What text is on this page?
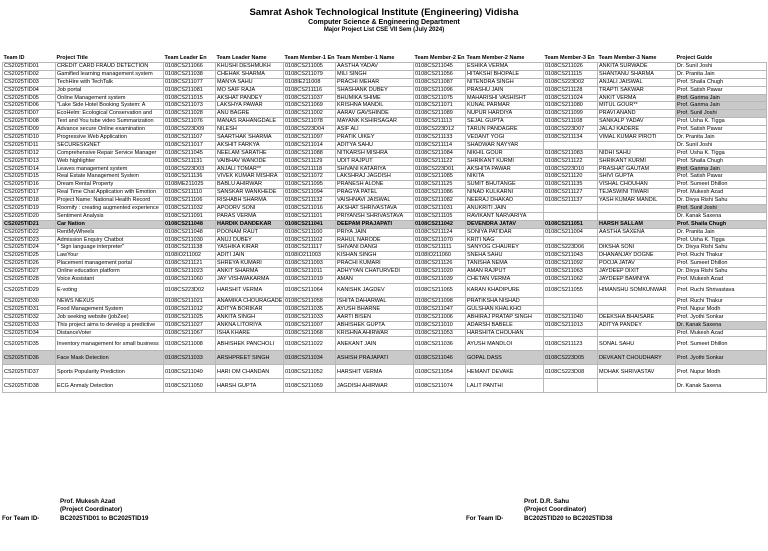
Samrat Ashok Technological Institute (Engineering) Vidisha
Computer Science & Engineering Department
Major Project List CSE VII Sem (July 2024)
Team ID	Project Title	Team Leader En	Team Leader Name	Team Member-1 En	Team Member-1 Name	Team Member-2 En	Team Member-2 Name	Team Member-3 En	Team Member-3 Name	Project Guide
CS2025TID01	CREDIT CARD FRAUD DETECTION	0108CS211066	KHUSHI DESHMUKH	0108CS211005	AASTHA YADAV	0108CS211045	ESHIKA VERMA	0108CS211026	ANKITA SURWADE	Dr. Sunil Joshi
CS2025TID02	Gamified learning management system	0108CS211038	CHEHAK SHARMA	0108CS211079	MILI SINGH	0108CS211056	HITAKSHI BHOPALE	0108CS211115	SHANTANU SHARMA	Dr. Pranita Jain
CS2025TID03	TechHire with TechTalk	0108CS211077	MANYA SAHU	0108IE211008	PRACHI MEHAR	0108CS211087	NITENDRA SINGH	0108CS223D02	ANJALI JAISWAL	Prof. Shaila Chugh
CS2025TID04	Job portal	0108CS211081	MO SAIF RAJA	0108CS211116	SHASHANK DUBEY	0108CS211096	PRASHU JAIN	0108CS211128	TRAPTI SAKWAR	Prof. Satish Pawar
CS2025TID05	Online Management system	0108CS211015	AKSHAT PANDEY	0108CS211037	BHUMIKA SHIME	0108CS211075	MAHARISHI VASHISHT	0108CS211024	ANKIT VERMA	Prof. Garima Jain
CS2025TID06	"Lake Side Hotel Booking System: A	0108CS211073	LAKSHYA PAWAR	0108CS211069	KRISHNA MANDIL	0108CS211071	KUNAL PARMAR	0108CS211080	MITUL GOUR**	Prof. Garima Jain
CS2025TID07	EcoHelm: Ecological Conservation and	0108CS211028	ANU BAGRE	0108CS211002	AARAV GAVSHINDE	0108CS211089	NUPUR HARDIYA	0108CS211099	PRAVI ANAND	Prof. Sunil Joshi
CS2025TID08	Text and You tube video Summarization	0108CS211076	MANAS RAHANGDALE	0108CS211078	MAYANK KSHIRSAGAR	0108CS211113	SEJAL GUPTA	0108CS211108	SANKALP YADAV	Prof. Usha K. Tigga
CS2025TID09	Advance secure Online examination	0108CS223D09	NILESH	0108CS223D04	ASIF ALI	0108CS223D12	TARUN PANDAGRE	0108CS223D07	JALAJ KADERE	Prof. Satish Pawar
CS2025TID10	Progressive Web Application	0108CS211107	SAARTHAK SHARMA	0108CS211097	PRATIK UIKEY	0108CS211133	VEDANT YOGI	0108CS211134	VIMAL KUMAR PIROTI	Dr. Pranita Jain
CS2025TID11	SECURESIGNET	0108CS211017	AKSHIT FARKYA	0108CS211014	ADITYA SAHU	0108CS211114	SHADWAR NAYYAR			Dr. Sunil Joshi
CS2025TID12	Comprehensive Repair Service Manager	0108CS211045	NEELAM SARATHE	0108CS211088	NITKARSH MISHRA	0108CS211084	NIKHIL GOUR	0108CS211083	NIDHI SAHU	Prof. Usha K. Tigga
CS2025TID13	Web highlighter	0108CS211131	VAIBHAV WANODE	0108CS211129	UDIT RAJPUT	0108CS211122	SHRIKANT KURMI	0108CS211122	SHRIKANT KURMI	Prof. Shaila Chugh
CS2025TID14	Leaves management system	0108CS223D03	ANJALI TOMAR**	0108CS211118	SHIVANI KATARIYA	0108CS223D01	AKSHITA PAWAR	0108CS223D10	PRASHAT GAUTAM	Prof. Garima Jain
CS2025TID15	Real Estate Management System	0108CS211136	VIVEK KUMAR MISHRA	0108CS211072	LAKSHRAJ JAGDISH	0108CS211085	NIKITA	0108CS211120	SHIVI GUPTA	Prof. Satish Pawar
CS2025TID16	Dream Rental Property	0108ME211025	BABLU AHIRWAR	0108CS211095	PRANESH ALONE	0108CS211125	SUMIT BHUTANGE	0108CS211135	VISHAL CHOUHAN	Prof. Sumeet Dhillon
CS2025TID17	Real Time Chat Application with Emotion	0108CS211110	SANSKAR WANKHEDE	0108CS211094	PRAGYA PATEL	0108CS211086	NINAD KULKARNI	0108CS211127	TEJASWINI TIWARI	Prof. Mukesh Azad
CS2025TID18	Project Name: National Health Record	0108CS211106	RISHABH SHARMA	0108CS211132	VAISHNAVI JAISWAL	0108CS211082	NEERAJ DHAKAD	0108CS211137	YASH KUMAR MANDIL	Dr. Divya Rishi Sahu
CS2025TID19	Roomify : creating augmented experience	0108CS211032	APOORV SONI	0108CS211016	AKSHAT SHRIVASTAVA	0108CS211031	ANUKRITI JAIN			Prof. Sunil Joshi
CS2025TID20	Sentiment Analysis	0108CS211091	PARAS VERMA	0108CS211101	PRIYANSH SHRIVASTAVA	0108CS211105	RAVIKANT NARVARIYA			Dr. Kanak Saxena
CS2025TID21	Car Nation	0108CS211048	HARDIK DANDEKAR	0108CS211041	DEEPAM PRAJAPATI	0108CS211042	DEVENDRA JATAV	0108CS211051	HARSH SALLAM	Prof. Shaila Chugh
CS2025TID22	RentMyWheels	0108CS211048	POONAM RAUT	0108CS211100	PRIYA JAIN	0108CS211124	SONIYA PATIDAR	0108CS211004	AASTHA SAXENA	Dr. Pranita Jain
CS2025TID23	Admission Enquiry Chatbot	0108CS211030	ANUJ DUBEY	0108CS211102	RAHUL NARODE	0108CS211070	KRITI NAG			Prof. Usha K. Tigga
CS2025TID24	" Sign language interpreter"	0108CS211138	YASHIKA KIRAR	0108CS211117	SHIVANI DANGI	0108CS211111	SANYOG CHAUREY	0108CS223D06	DIKSHA SONI	Dr. Divya Rishi Sahu
CS2025TID25	LawYour	0108IO211002	ADITI JAIN	0108IO211003	KISHAN SINGH	0108IO211060	SNEHA SAHU	0108CS211043	DHANANJAY DOGNE	Prof. Ruchi Thakur
CS2025TID26	Placement management portal	0108CS211121	SHREYA KUMARI	0108CS211093	PRACHI KUMARI	0108CS211126	TANISHA NEMA	0108CS211092	POOJA JATAV	Prof. Sumeet Dhillon
CS2025TID27	Online education platform	0108CS211023	ANKIT SHARMA	0108CS211011	ADHYYAN CHATURVEDI	0108CS211020	AMAN RAJPUT	0108CS211063	JAYDEEP DIXIT	Dr. Divya Rishi Sahu
CS2025TID28	Voice Assistant	0108CS211060	JAY VISHWAKARMA	0108CS211019	AMAN	0108CS211039	CHETAN VERMA	0108CS211062	JAYDEEP BAMNIYA	Prof. Mukesh Azad
CS2025TID29	E-voting	0108CS223D02	HARSHIT VERMA	0108CS211064	KANISHK JAGDEV	0108CS211065	KARAN KHADIPURE	0108CS211055	HIMANSHU SOMKUNWAR	Prof. Ruchi Shrivastava
CS2025TID30	NEWS NEXUS	0108CS211021	ANAMIKA CHOURAGADE	0108CS211058	ISHITA DAHARWAL	0108CS211098	PRATIKSHA NISHAD			Prof. Ruchi Thakur
CS2025TID31	Food Management System	0108CS211012	ADITYA BORIKAR	0108CS211035	AYUSH BHARNE	0108CS211047	GULSHAN KHALKHO			Prof. Nupur Modh
CS2025TID32	Job seeking website (jobZee)	0108CS211025	ANKITA SINGH	0108CS211033	AARTI BISEN	0108CS211006	ABHIRAJ PRATAP SINGH	0108CS211040	DEEKSHA BHAISARE	Prof. Jyothi Sonkar
CS2025TID33	This project aims to develop a predictive	0108CS211027	ANKNA LITORIYA	0108CS211007	ABHISHEK GUPTA	0108CS211010	ADARSH BABELE	0108CS211013	ADITYA PANDEY	Dr. Kanak Saxena
CS2025TID34	DistanceVoter	0108CS211067	ISHA KHARE	0108CS211068	KRISHNA AHIRWAR	0108CS211053	HARSHITA CHOUHAN			Prof. Mukesh Azad
CS2025TID35	Inventory management for small business	0108CS211008	ABHISHEK PANCHOLI	0108CS211022	ANEKANT JAIN	0108CS211036	AYUSH MANDLOI	0108CS211123	SONAL SAHU	Prof. Sumeet Dhillon
CS2025TID36	Face Mask Detection	0108CS211033	ARSHPREET SINGH	0108CS211034	ASHISH PRAJAPATI	0108CS211046	GOPAL DASS	0108CS223D05	DEVKANT CHOUDHARY	Prof. Jyothi Sonkar
CS2025TID37	Sports Popularity Prediction	0108CS211049	HARI OM CHANDAN	0108CS211052	HARSHIT VERMA	0108CS211054	HEMANT DEVAKE	0108CS223D08	MOHAK SHRIVASTAV	Prof. Nupur Modh
CS2025TID38	ECG Anmaly Detection	0108CS211050	HARSH GUPTA	0108CS211059	JAGDISH AHIRWAR	0108CS211074	LALIT PANTHI			Dr. Kanak Saxena
Prof. Mukesh Azad
(Project Coordinator)
For Team ID-	BC2025TID01 to BC2025TID19
Prof. D.R. Sahu
(Project Coordinator)
For Team ID-	BC2025TID20 to BC2025TID38
